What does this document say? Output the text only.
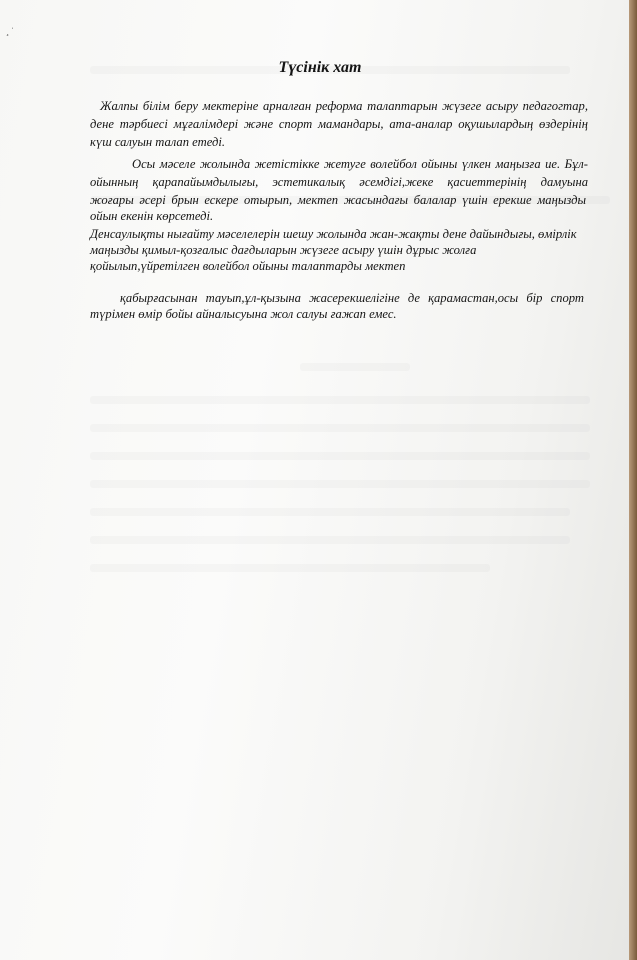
¸ ˈ
Түсінік хат
Жалпы білім беру мектеріне арналған реформа талаптарын жүзеге асыру педагогтар,
дене тәрбиесі мұғалімдері және спорт мамандары, ата-аналар оқушылардың өздерінің
күш салуын талап етеді.
Осы мәселе жолында жетістікке жетуге волейбол ойыны үлкен маңызға ие. Бұл-
ойынның қарапайымдылығы, эстетикалық әсемдігі,жеке қасиеттерінің дамуына
жоғары әсері брын ескере отырып, мектеп жасындағы балалар үшін ерекше маңызды
ойын екенін көрсетеді.
Денсаулықты нығайту мәселелерін шешу жолында жан-жақты дене дайындығы, өмірлік
маңызды қимыл-қозғалыс дағдыларын жүзеге асыру үшін дұрыс жолға
қойылып,үйретілген волейбол ойыны талаптарды мектеп
қабырғасынан тауып,ұл-қызына жасерекшелігіне де қарамастан,осы бір спорт
түрімен өмір бойы айналысуына жол салуы ғажап емес.
